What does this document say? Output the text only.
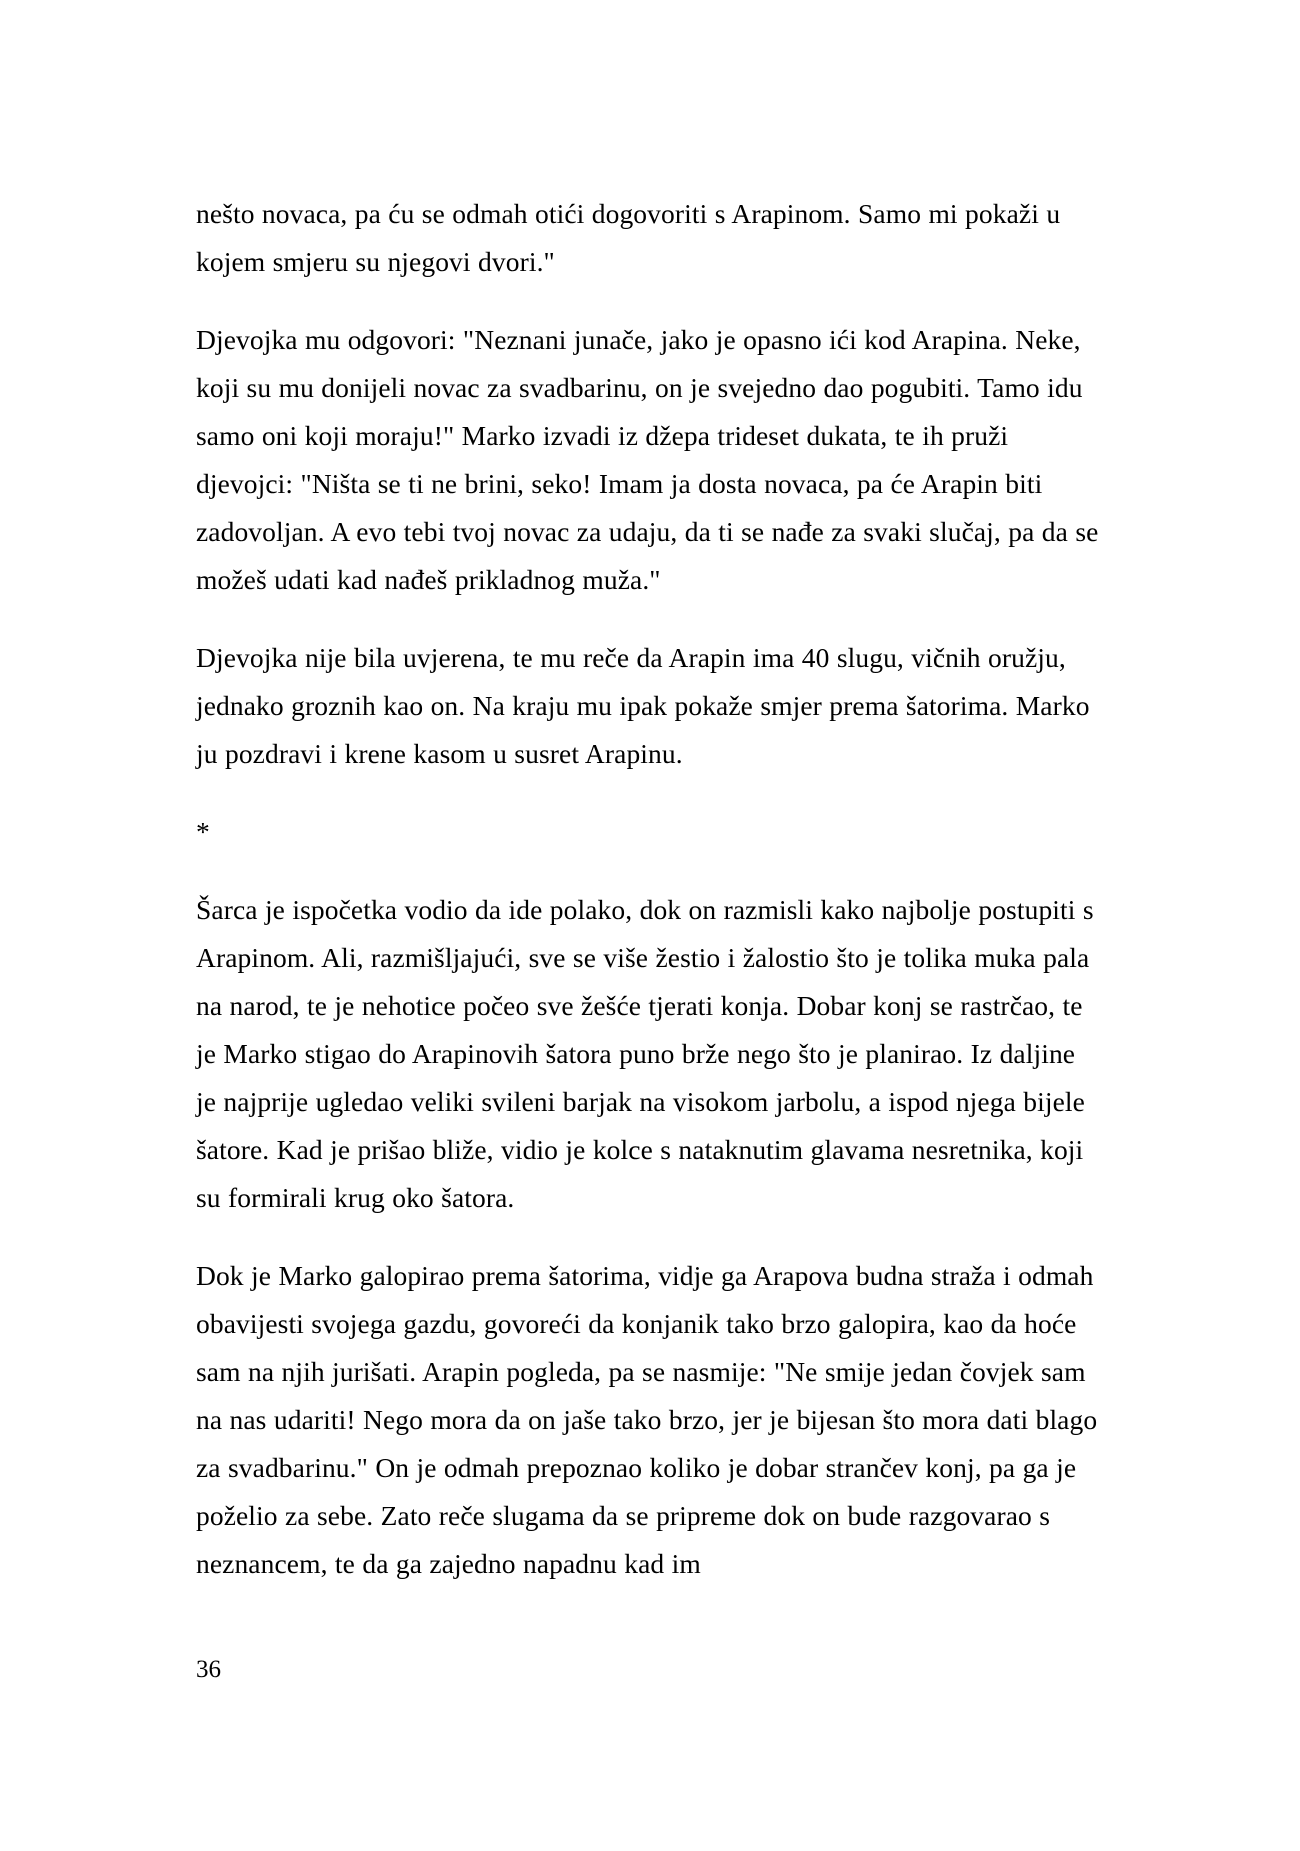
nešto novaca, pa ću se odmah otići dogovoriti s Arapinom. Samo mi pokaži u kojem smjeru su njegovi dvori."

Djevojka mu odgovori: "Neznani junače, jako je opasno ići kod Arapina. Neke, koji su mu donijeli novac za svadbarinu, on je svejedno dao pogubiti. Tamo idu samo oni koji moraju!" Marko izvadi iz džepa trideset dukata, te ih pruži djevojci: "Ništa se ti ne brini, seko! Imam ja dosta novaca, pa će Arapin biti zadovoljan. A evo tebi tvoj novac za udaju, da ti se nađe za svaki slučaj, pa da se možeš udati kad nađeš prikladnog muža."

Djevojka nije bila uvjerena, te mu reče da Arapin ima 40 slugu, vičnih oružju, jednako groznih kao on. Na kraju mu ipak pokaže smjer prema šatorima. Marko ju pozdravi i krene kasom u susret Arapinu.

*

Šarca je ispočetka vodio da ide polako, dok on razmisli kako najbolje postupiti s Arapinom. Ali, razmišljajući, sve se više žestio i žalostio što je tolika muka pala na narod, te je nehotice počeo sve žešće tjerati konja. Dobar konj se rastrčao, te je Marko stigao do Arapinovih šatora puno brže nego što je planirao. Iz daljine je najprije ugledao veliki svileni barjak na visokom jarbolu, a ispod njega bijele šatore. Kad je prišao bliže, vidio je kolce s nataknutim glavama nesretnika, koji su formirali krug oko šatora.

Dok je Marko galopirao prema šatorima, vidje ga Arapova budna straža i odmah obavijesti svojega gazdu, govoreći da konjanik tako brzo galopira, kao da hoće sam na njih jurišati. Arapin pogleda, pa se nasmije: "Ne smije jedan čovjek sam na nas udariti! Nego mora da on jaše tako brzo, jer je bijesan što mora dati blago za svadbarinu." On je odmah prepoznao koliko je dobar strančev konj, pa ga je poželio za sebe. Zato reče slugama da se pripreme dok on bude razgovarao s neznancem, te da ga zajedno napadnu kad im

36
